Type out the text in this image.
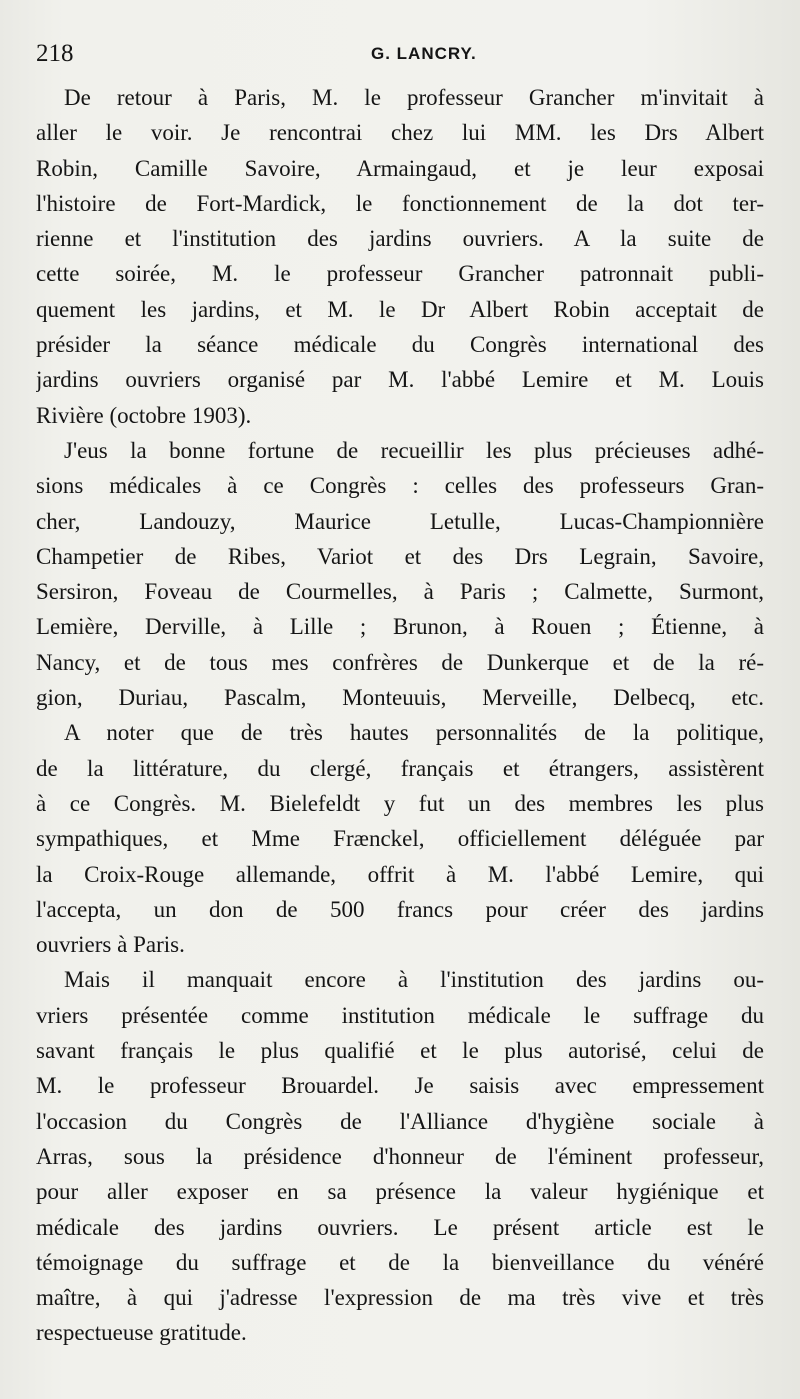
218	G. LANCRY.

De retour à Paris, M. le professeur Grancher m'invitait à
aller le voir. Je rencontrai chez lui MM. les Drs Albert
Robin, Camille Savoire, Armaingaud, et je leur exposai
l'histoire de Fort-Mardick, le fonctionnement de la dot ter-
rienne et l'institution des jardins ouvriers. A la suite de
cette soirée, M. le professeur Grancher patronnait publi-
quement les jardins, et M. le Dr Albert Robin acceptait de
présider la séance médicale du Congrès international des
jardins ouvriers organisé par M. l'abbé Lemire et M. Louis
Rivière (octobre 1903).

J'eus la bonne fortune de recueillir les plus précieuses adhé-
sions médicales à ce Congrès : celles des professeurs Gran-
cher, Landouzy, Maurice Letulle, Lucas-Championnière
Champetier de Ribes, Variot et des Drs Legrain, Savoire,
Sersiron, Foveau de Courmelles, à Paris ; Calmette, Surmont,
Lemière, Derville, à Lille ; Brunon, à Rouen ; Étienne, à
Nancy, et de tous mes confrères de Dunkerque et de la ré-
gion, Duriau, Pascalm, Monteuuis, Merveille, Delbecq, etc.

A noter que de très hautes personnalités de la politique,
de la littérature, du clergé, français et étrangers, assistèrent
à ce Congrès. M. Bielefeldt y fut un des membres les plus
sympathiques, et Mme Frænckel, officiellement déléguée par
la Croix-Rouge allemande, offrit à M. l'abbé Lemire, qui
l'accepta, un don de 500 francs pour créer des jardins
ouvriers à Paris.

Mais il manquait encore à l'institution des jardins ou-
vriers présentée comme institution médicale le suffrage du
savant français le plus qualifié et le plus autorisé, celui de
M. le professeur Brouardel. Je saisis avec empressement
l'occasion du Congrès de l'Alliance d'hygiène sociale à
Arras, sous la présidence d'honneur de l'éminent professeur,
pour aller exposer en sa présence la valeur hygiénique et
médicale des jardins ouvriers. Le présent article est le
témoignage du suffrage et de la bienveillance du vénéré
maître, à qui j'adresse l'expression de ma très vive et très
respectueuse gratitude.
